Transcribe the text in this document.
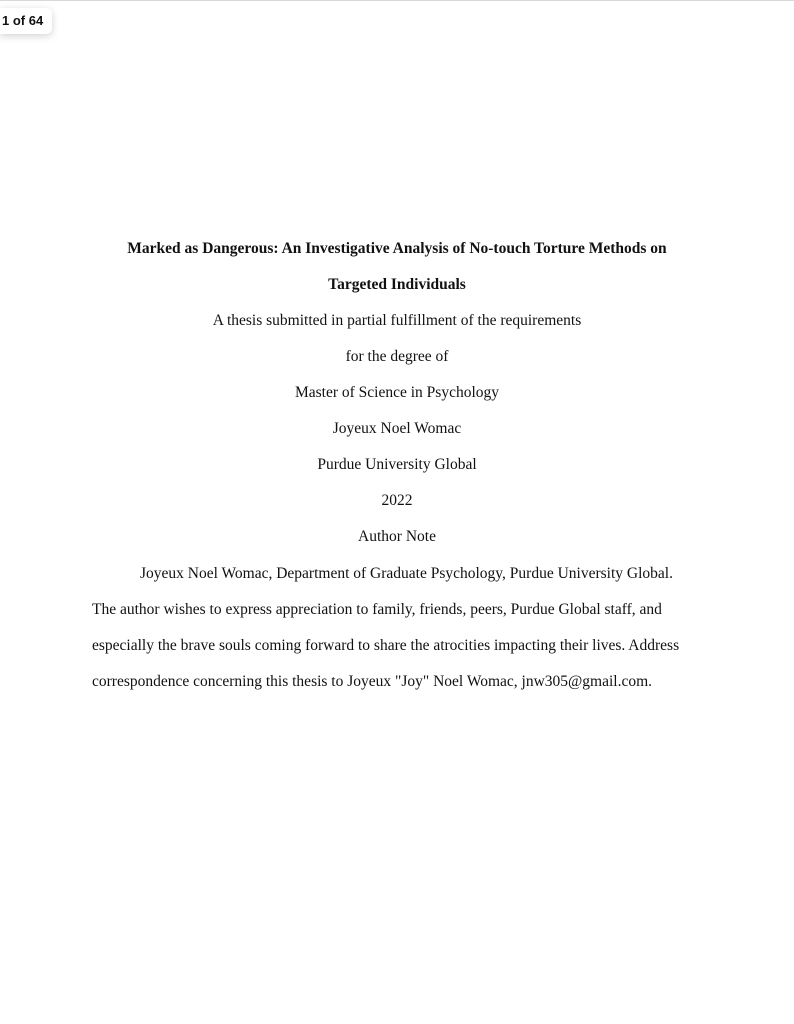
Marked as Dangerous: An Investigative Analysis of No-touch Torture Methods on
Targeted Individuals
A thesis submitted in partial fulfillment of the requirements
for the degree of
Master of Science in Psychology
Joyeux Noel Womac
Purdue University Global
2022
Author Note
Joyeux Noel Womac, Department of Graduate Psychology, Purdue University Global.
The author wishes to express appreciation to family, friends, peers, Purdue Global staff, and
especially the brave souls coming forward to share the atrocities impacting their lives. Address
correspondence concerning this thesis to Joyeux "Joy" Noel Womac, jnw305@gmail.com.
1 of 64
